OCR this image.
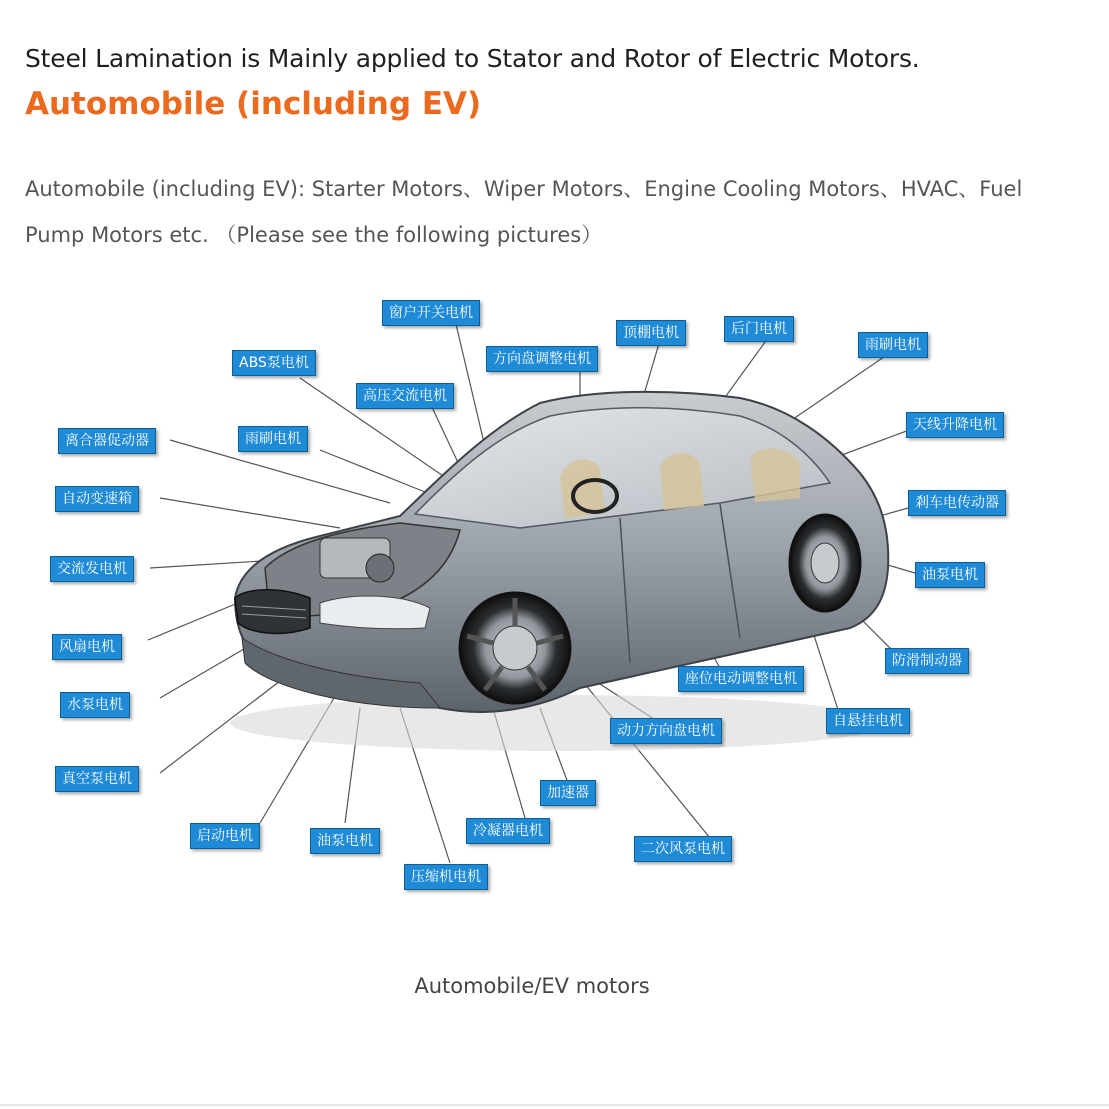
Steel Lamination is Mainly applied to Stator and Rotor of Electric Motors.
Automobile (including EV)

Automobile (including EV): Starter Motors、Wiper Motors、Engine Cooling Motors、HVAC、Fuel Pump Motors etc. （Please see the following pictures）

窗户开关电机
方向盘调整电机
顶棚电机	后门电机
雨刷电机
ABS泵电机
高压交流电机
离合器促动器	雨刷电机
天线升降电机
自动变速箱	剎车电传动器
交流发电机	油泵电机
风扇电机
防滑制动器
座位电动调整电机
水泵电机
自悬挂电机
动力方向盘电机
真空泵电机
加速器
冷凝器电机
启动电机	油泵电机	二次风泵电机
压缩机电机
Automobile/EV motors
